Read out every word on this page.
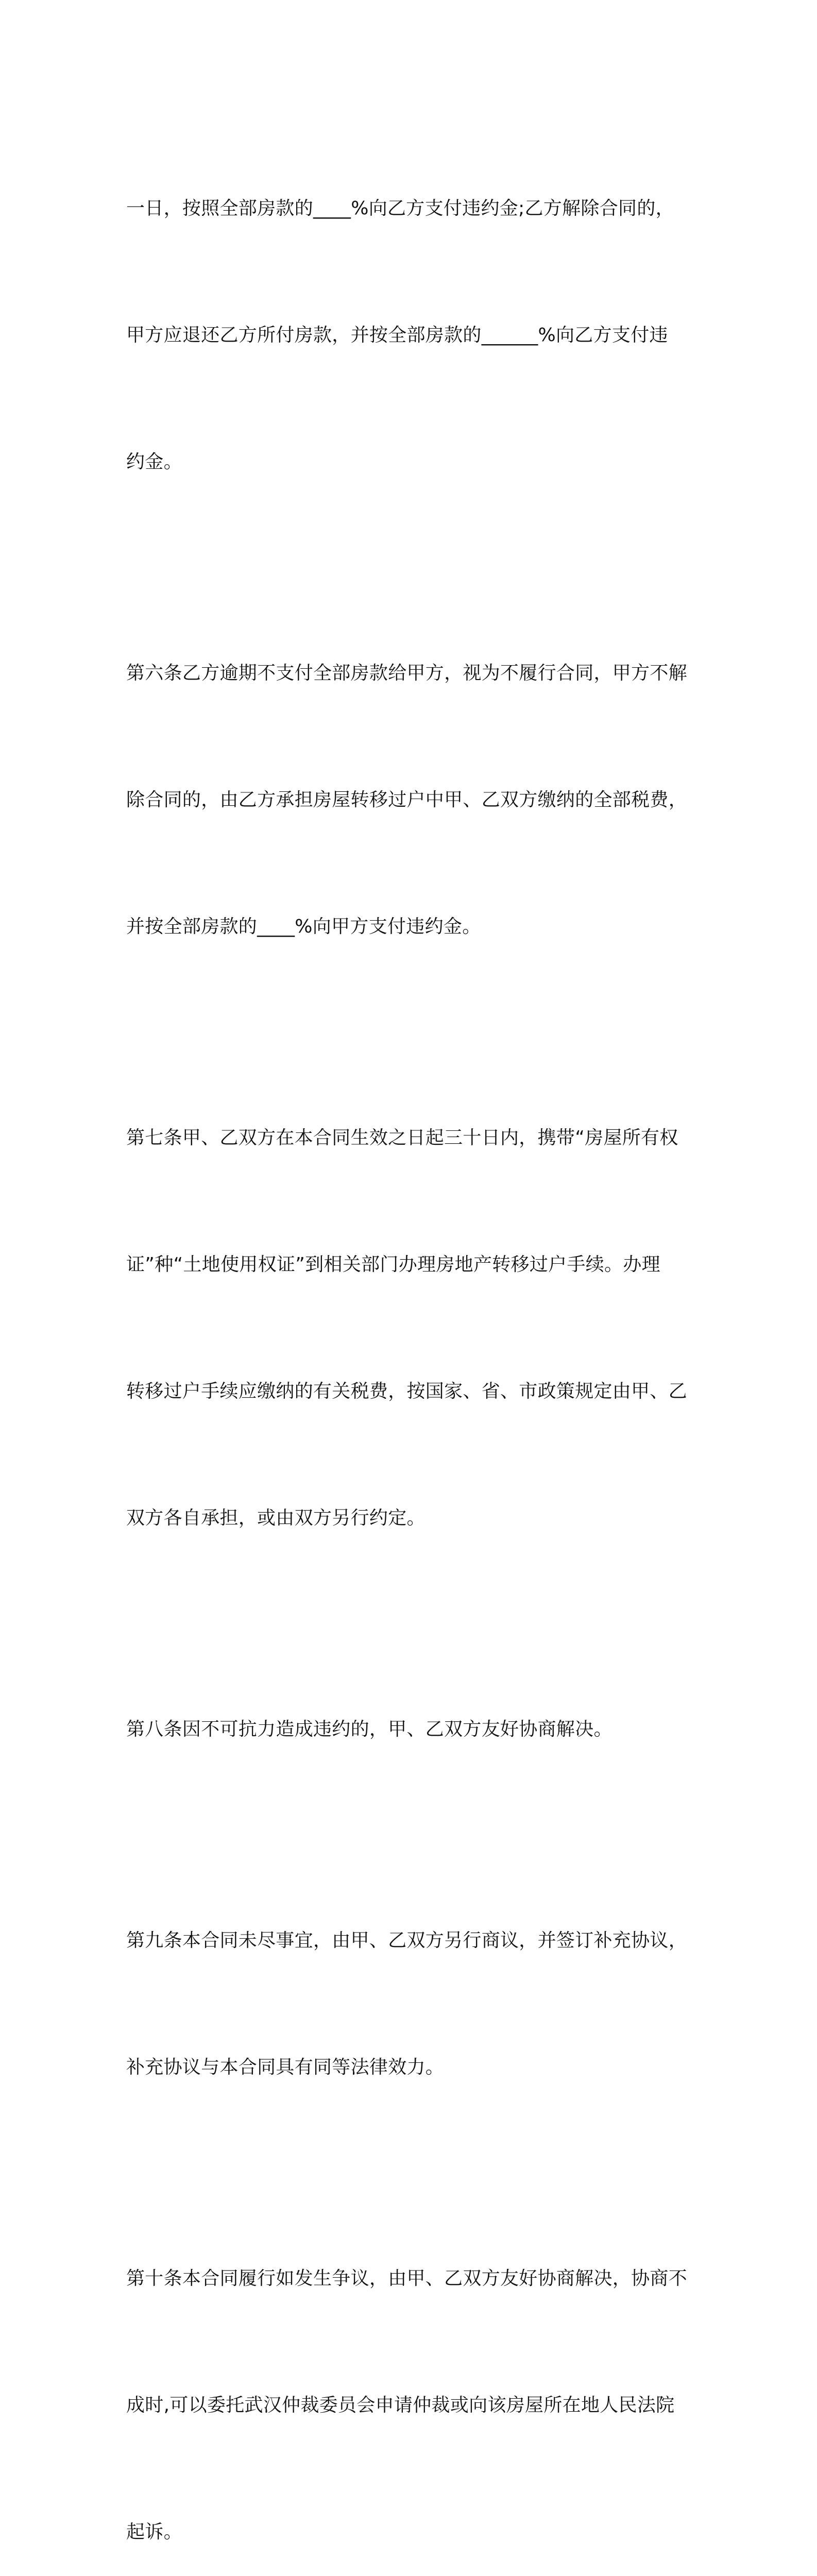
一日，按照全部房款的____%向乙方支付违约金;乙方解除合同的，

甲方应退还乙方所付房款，并按全部房款的______%向乙方支付违

约金。

第六条乙方逾期不支付全部房款给甲方，视为不履行合同，甲方不解

除合同的，由乙方承担房屋转移过户中甲、乙双方缴纳的全部税费，

并按全部房款的____%向甲方支付违约金。

第七条甲、乙双方在本合同生效之日起三十日内，携带“房屋所有权

证”种“土地使用权证”到相关部门办理房地产转移过户手续。办理

转移过户手续应缴纳的有关税费，按国家、省、市政策规定由甲、乙

双方各自承担，或由双方另行约定。

第八条因不可抗力造成违约的，甲、乙双方友好协商解决。

第九条本合同未尽事宜，由甲、乙双方另行商议，并签订补充协议，

补充协议与本合同具有同等法律效力。

第十条本合同履行如发生争议，由甲、乙双方友好协商解决，协商不

成时,可以委托武汉仲裁委员会申请仲裁或向该房屋所在地人民法院

起诉。
